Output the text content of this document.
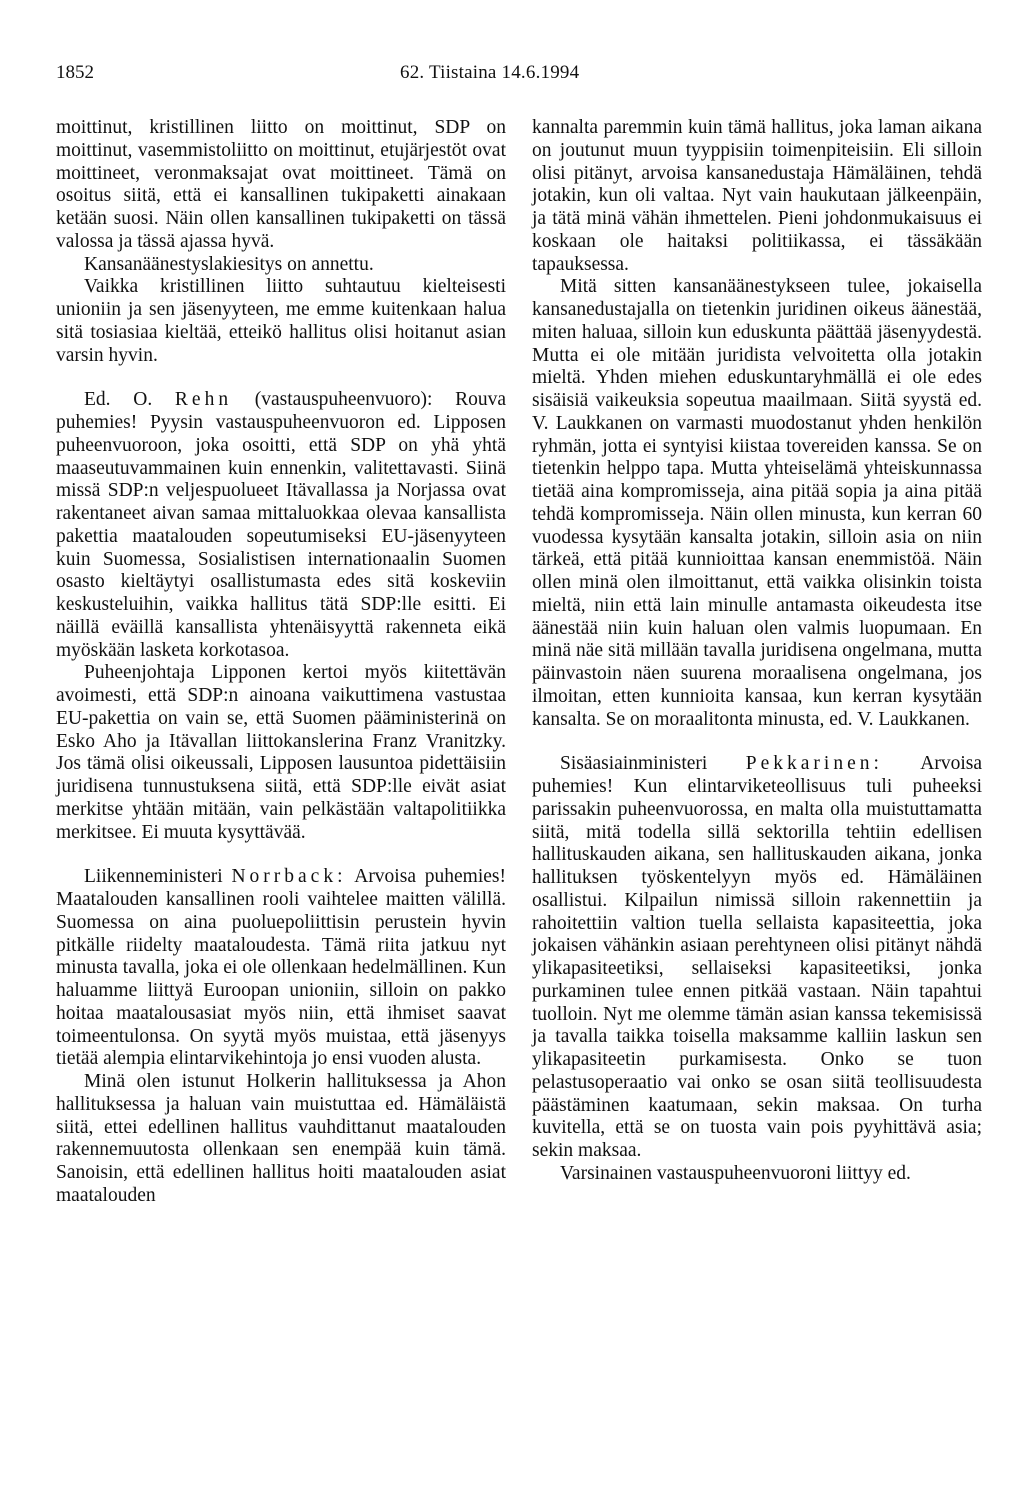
1852	62. Tiistaina 14.6.1994

moittinut, kristillinen liitto on moittinut, SDP on moittinut, vasemmistoliitto on moittinut, etujärjestöt ovat moittineet, veronmaksajat ovat moittineet. Tämä on osoitus siitä, että ei kansallinen tukipaketti ainakaan ketään suosi. Näin ollen kansallinen tukipaketti on tässä valossa ja tässä ajassa hyvä.

Kansanäänestyslakiesitys on annettu.

Vaikka kristillinen liitto suhtautuu kielteisesti unioniin ja sen jäsenyyteen, me emme kuitenkaan halua sitä tosiasiaa kieltää, etteikö hallitus olisi hoitanut asian varsin hyvin.

Ed. O. Rehn (vastauspuheenvuoro): Rouva puhemies! Pyysin vastauspuheenvuoron ed. Lipposen puheenvuoroon, joka osoitti, että SDP on yhä yhtä maaseutuvammainen kuin ennenkin, valitettavasti. Siinä missä SDP:n veljespuolueet Itävallassa ja Norjassa ovat rakentaneet aivan samaa mittaluokkaa olevaa kansallista pakettia maatalouden sopeutumiseksi EU-jäsenyyteen kuin Suomessa, Sosialistisen internationaalin Suomen osasto kieltäytyi osallistumasta edes sitä koskeviin keskusteluihin, vaikka hallitus tätä SDP:lle esitti. Ei näillä eväillä kansallista yhtenäisyyttä rakenneta eikä myöskään lasketa korkotasoa.

Puheenjohtaja Lipponen kertoi myös kiitettävän avoimesti, että SDP:n ainoana vaikuttimena vastustaa EU-pakettia on vain se, että Suomen pääministerinä on Esko Aho ja Itävallan liittokanslerina Franz Vranitzky. Jos tämä olisi oikeussali, Lipposen lausuntoa pidettäisiin juridisena tunnustuksena siitä, että SDP:lle eivät asiat merkitse yhtään mitään, vain pelkästään valtapolitiikka merkitsee. Ei muuta kysyttävää.

Liikenneministeri Norrback: Arvoisa puhemies! Maatalouden kansallinen rooli vaihtelee maitten välillä. Suomessa on aina puoluepoliittisin perustein hyvin pitkälle riidelty maataloudesta. Tämä riita jatkuu nyt minusta tavalla, joka ei ole ollenkaan hedelmällinen. Kun haluamme liittyä Euroopan unioniin, silloin on pakko hoitaa maatalousasiat myös niin, että ihmiset saavat toimeentulonsa. On syytä myös muistaa, että jäsenyys tietää alempia elintarvikehintoja jo ensi vuoden alusta.

Minä olen istunut Holkerin hallituksessa ja Ahon hallituksessa ja haluan vain muistuttaa ed. Hämäläistä siitä, ettei edellinen hallitus vauhdittanut maatalouden rakennemuutosta ollenkaan sen enempää kuin tämä. Sanoisin, että edellinen hallitus hoiti maatalouden asiat maatalouden

kannalta paremmin kuin tämä hallitus, joka laman aikana on joutunut muun tyyppisiin toimenpiteisiin. Eli silloin olisi pitänyt, arvoisa kansanedustaja Hämäläinen, tehdä jotakin, kun oli valtaa. Nyt vain haukutaan jälkeenpäin, ja tätä minä vähän ihmettelen. Pieni johdonmukaisuus ei koskaan ole haitaksi politiikassa, ei tässäkään tapauksessa.

Mitä sitten kansanäänestykseen tulee, jokaisella kansanedustajalla on tietenkin juridinen oikeus äänestää, miten haluaa, silloin kun eduskunta päättää jäsenyydestä. Mutta ei ole mitään juridista velvoitetta olla jotakin mieltä. Yhden miehen eduskuntaryhmällä ei ole edes sisäisiä vaikeuksia sopeutua maailmaan. Siitä syystä ed. V. Laukkanen on varmasti muodostanut yhden henkilön ryhmän, jotta ei syntyisi kiistaa tovereiden kanssa. Se on tietenkin helppo tapa. Mutta yhteiselämä yhteiskunnassa tietää aina kompromisseja, aina pitää sopia ja aina pitää tehdä kompromisseja. Näin ollen minusta, kun kerran 60 vuodessa kysytään kansalta jotakin, silloin asia on niin tärkeä, että pitää kunnioittaa kansan enemmistöä. Näin ollen minä olen ilmoittanut, että vaikka olisinkin toista mieltä, niin että lain minulle antamasta oikeudesta itse äänestää niin kuin haluan olen valmis luopumaan. En minä näe sitä millään tavalla juridisena ongelmana, mutta päinvastoin näen suurena moraalisena ongelmana, jos ilmoitan, etten kunnioita kansaa, kun kerran kysytään kansalta. Se on moraalitonta minusta, ed. V. Laukkanen.

Sisäasiainministeri Pekkarinen: Arvoisa puhemies! Kun elintarviketeollisuus tuli puheeksi parissakin puheenvuorossa, en malta olla muistuttamatta siitä, mitä todella sillä sektorilla tehtiin edellisen hallituskauden aikana, sen hallituskauden aikana, jonka hallituksen työskentelyyn myös ed. Hämäläinen osallistui. Kilpailun nimissä silloin rakennettiin ja rahoitettiin valtion tuella sellaista kapasiteettia, joka jokaisen vähänkin asiaan perehtyneen olisi pitänyt nähdä ylikapasiteetiksi, sellaiseksi kapasiteetiksi, jonka purkaminen tulee ennen pitkää vastaan. Näin tapahtui tuolloin. Nyt me olemme tämän asian kanssa tekemisissä ja tavalla taikka toisella maksamme kalliin laskun sen ylikapasiteetin purkamisesta. Onko se tuon pelastusoperaatio vai onko se osan siitä teollisuudesta päästäminen kaatumaan, sekin maksaa. On turha kuvitella, että se on tuosta vain pois pyyhittävä asia; sekin maksaa.

Varsinainen vastauspuheenvuoroni liittyy ed.
